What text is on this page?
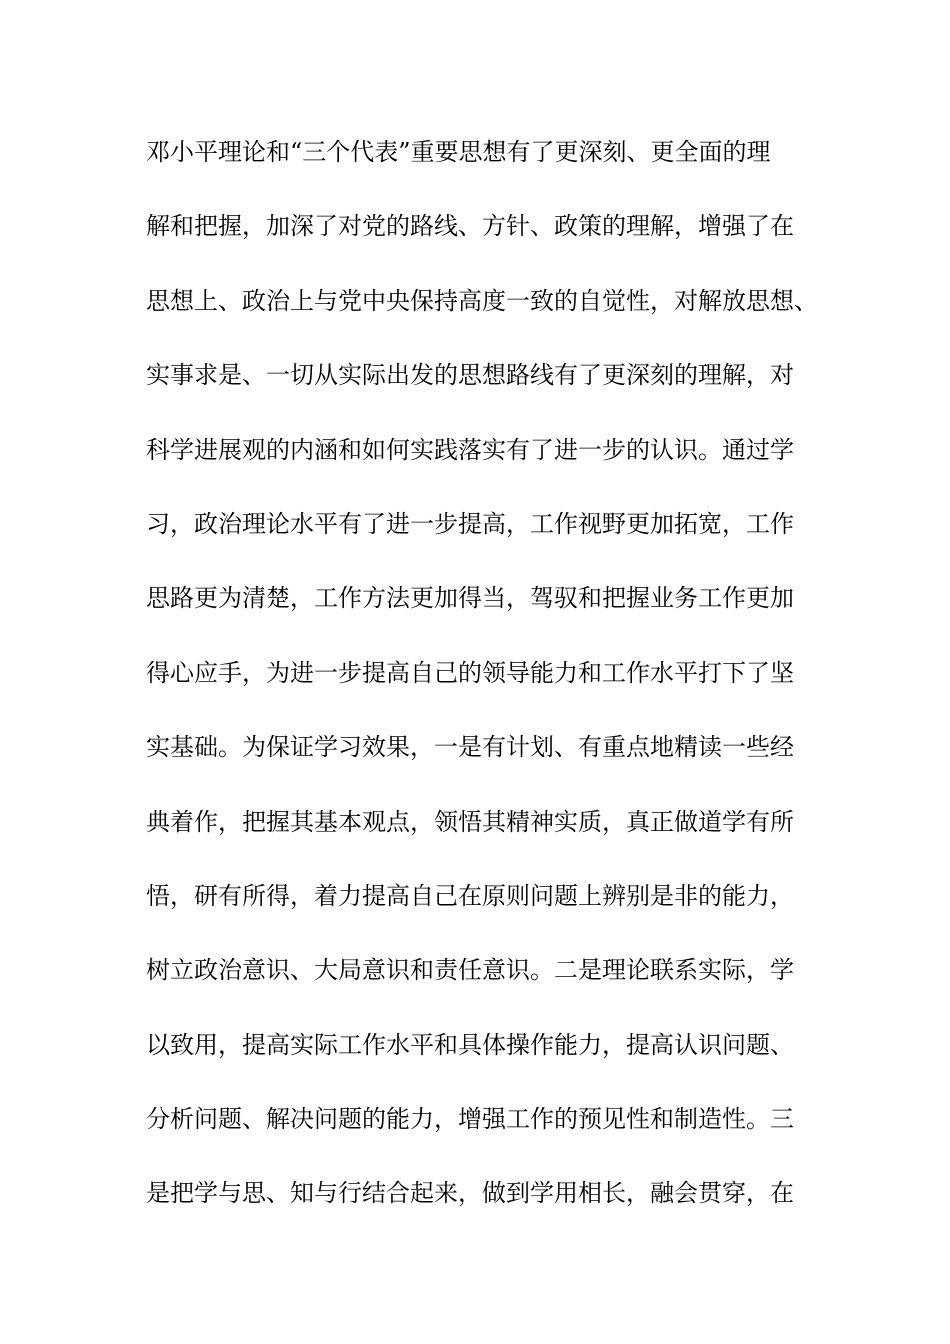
邓小平理论和“三个代表”重要思想有了更深刻、更全面的理
解和把握，加深了对党的路线、方针、政策的理解，增强了在
思想上、政治上与党中央保持高度一致的自觉性，对解放思想、
实事求是、一切从实际出发的思想路线有了更深刻的理解，对
科学进展观的内涵和如何实践落实有了进一步的认识。通过学
习，政治理论水平有了进一步提高，工作视野更加拓宽，工作
思路更为清楚，工作方法更加得当，驾驭和把握业务工作更加
得心应手，为进一步提高自己的领导能力和工作水平打下了坚
实基础。为保证学习效果，一是有计划、有重点地精读一些经
典着作，把握其基本观点，领悟其精神实质，真正做道学有所
悟，研有所得，着力提高自己在原则问题上辨别是非的能力，
树立政治意识、大局意识和责任意识。二是理论联系实际，学
以致用，提高实际工作水平和具体操作能力，提高认识问题、
分析问题、解决问题的能力，增强工作的预见性和制造性。三
是把学与思、知与行结合起来，做到学用相长，融会贯穿，在
